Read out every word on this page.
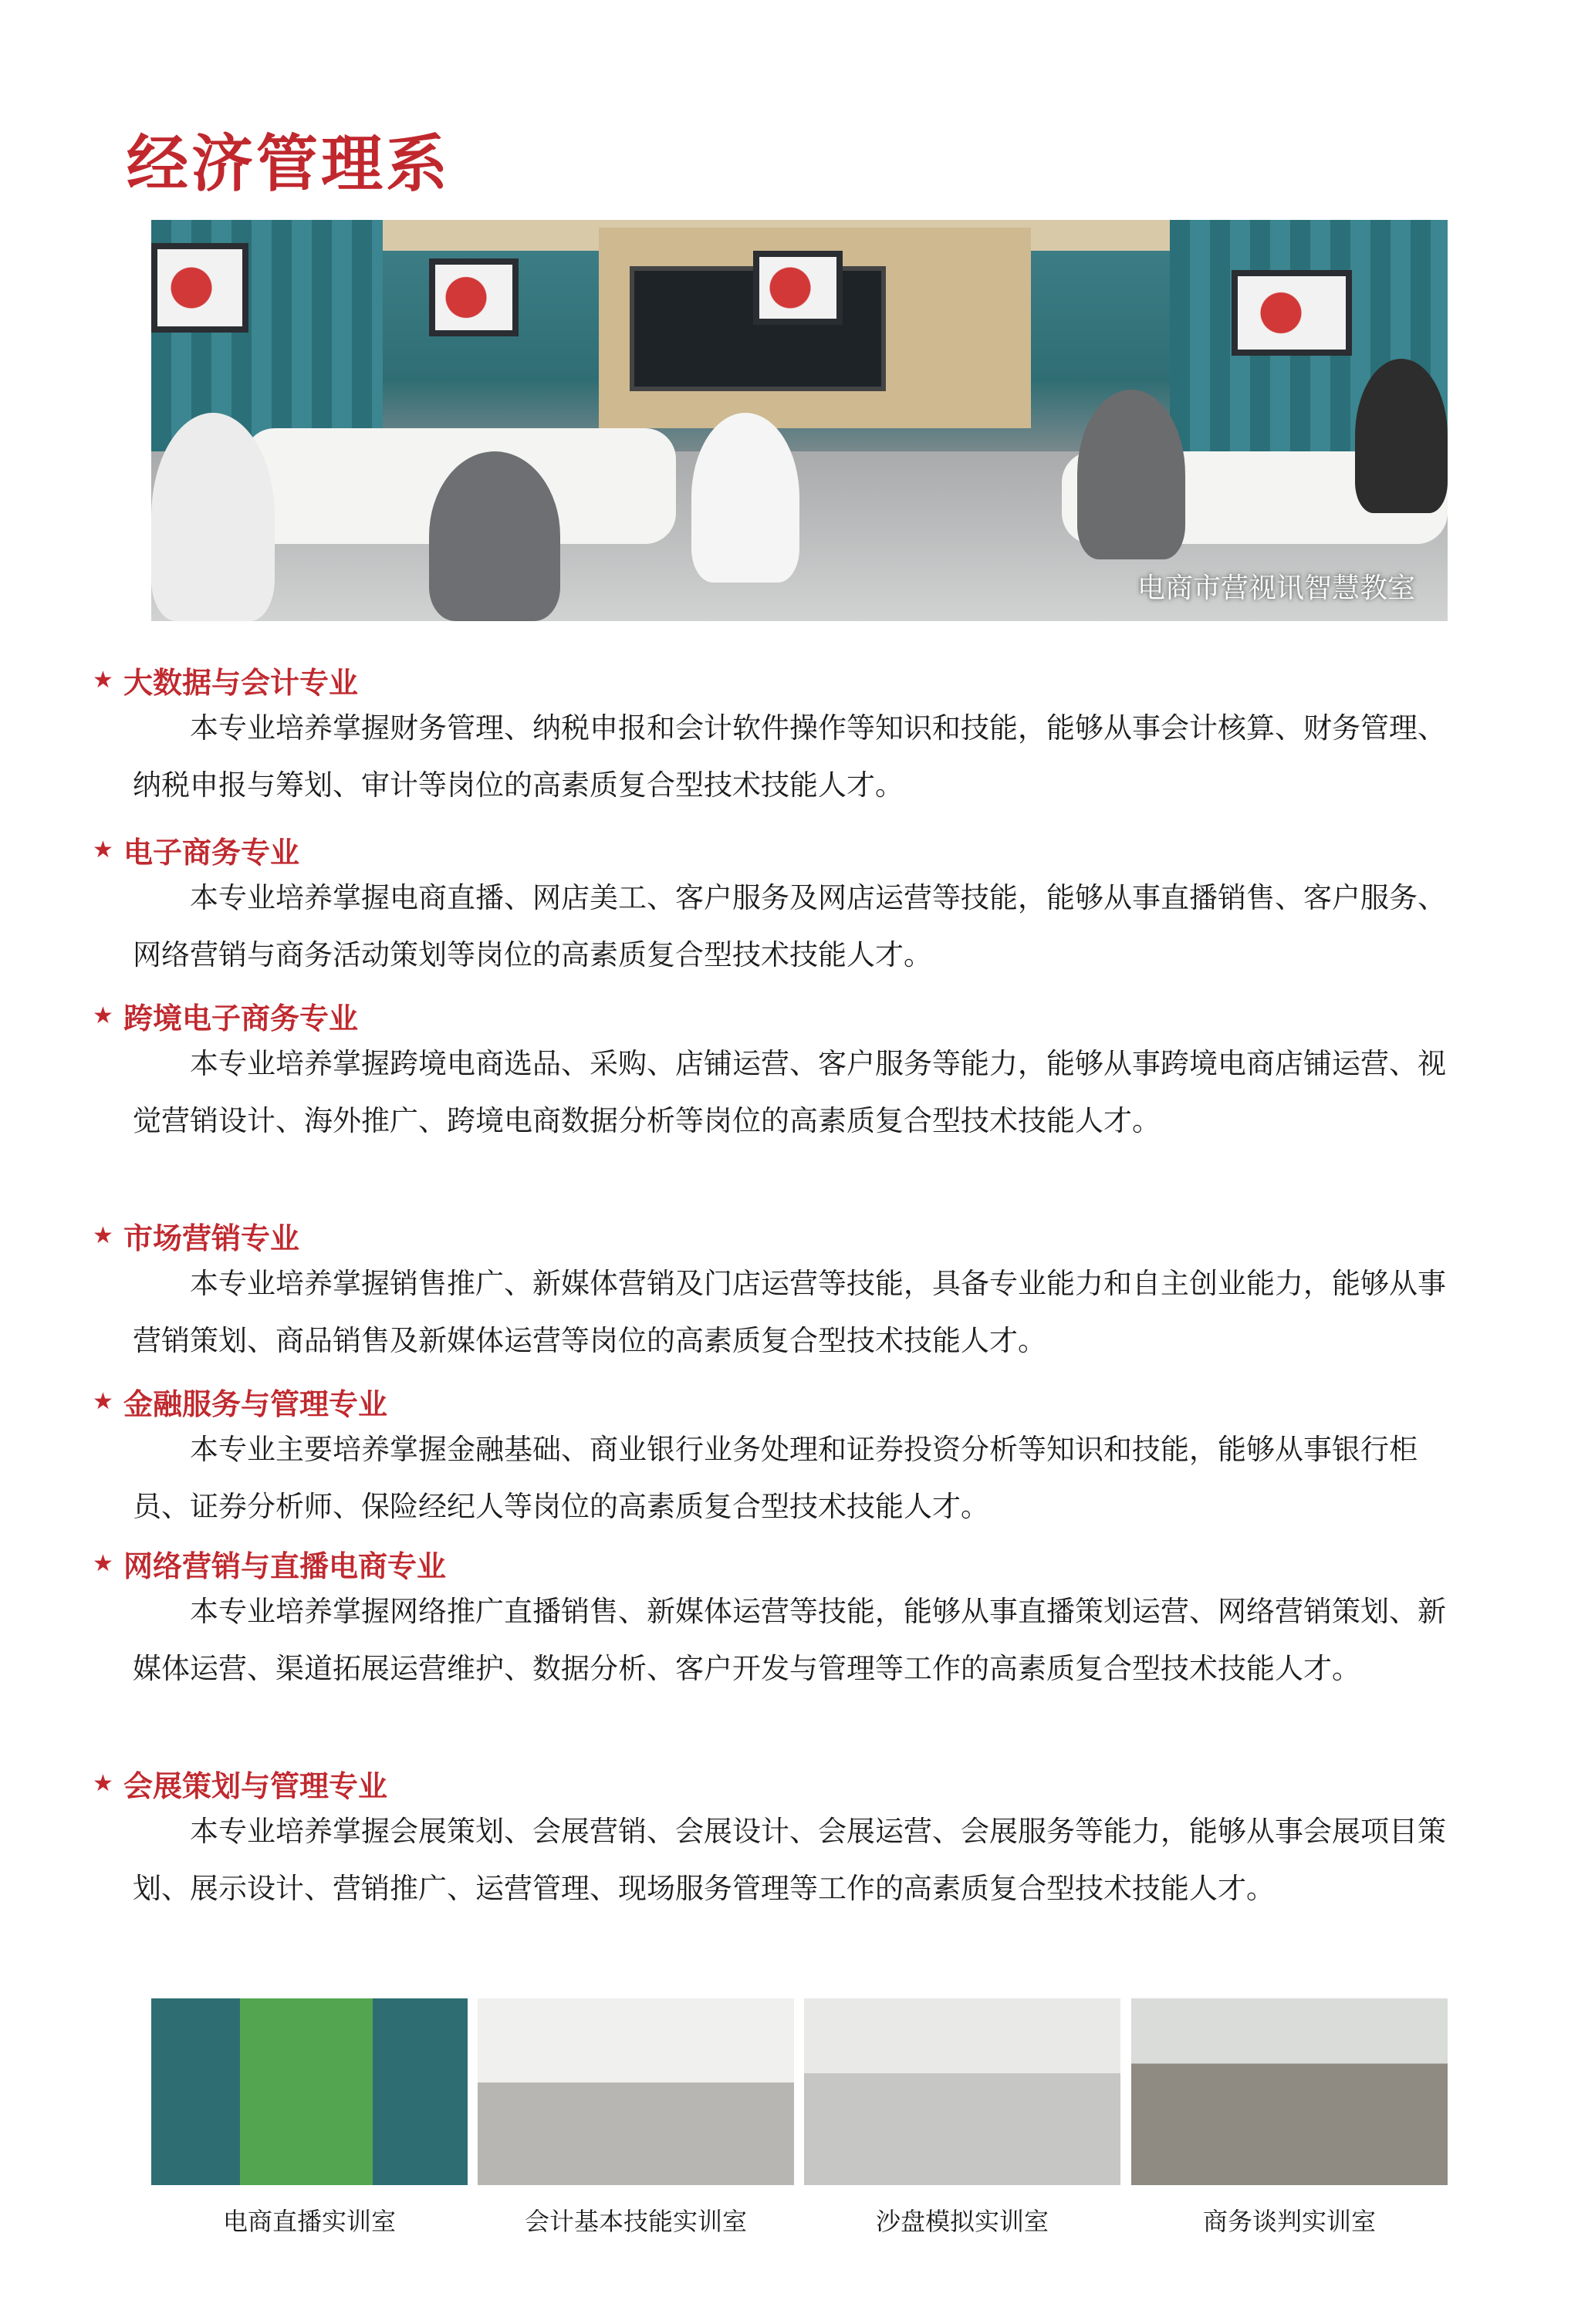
经济管理系
电商市营视讯智慧教室
★ 大数据与会计专业
本专业培养掌握财务管理、纳税申报和会计软件操作等知识和技能，能够从事会计核算、财务管理、纳税申报与筹划、审计等岗位的高素质复合型技术技能人才。
★ 电子商务专业
本专业培养掌握电商直播、网店美工、客户服务及网店运营等技能，能够从事直播销售、客户服务、网络营销与商务活动策划等岗位的高素质复合型技术技能人才。
★ 跨境电子商务专业
本专业培养掌握跨境电商选品、采购、店铺运营、客户服务等能力，能够从事跨境电商店铺运营、视觉营销设计、海外推广、跨境电商数据分析等岗位的高素质复合型技术技能人才。
★ 市场营销专业
本专业培养掌握销售推广、新媒体营销及门店运营等技能，具备专业能力和自主创业能力，能够从事营销策划、商品销售及新媒体运营等岗位的高素质复合型技术技能人才。
★ 金融服务与管理专业
本专业主要培养掌握金融基础、商业银行业务处理和证券投资分析等知识和技能，能够从事银行柜员、证券分析师、保险经纪人等岗位的高素质复合型技术技能人才。
★ 网络营销与直播电商专业
本专业培养掌握网络推广直播销售、新媒体运营等技能，能够从事直播策划运营、网络营销策划、新媒体运营、渠道拓展运营维护、数据分析、客户开发与管理等工作的高素质复合型技术技能人才。
★ 会展策划与管理专业
本专业培养掌握会展策划、会展营销、会展设计、会展运营、会展服务等能力，能够从事会展项目策划、展示设计、营销推广、运营管理、现场服务管理等工作的高素质复合型技术技能人才。
电商直播实训室	会计基本技能实训室	沙盘模拟实训室	商务谈判实训室
